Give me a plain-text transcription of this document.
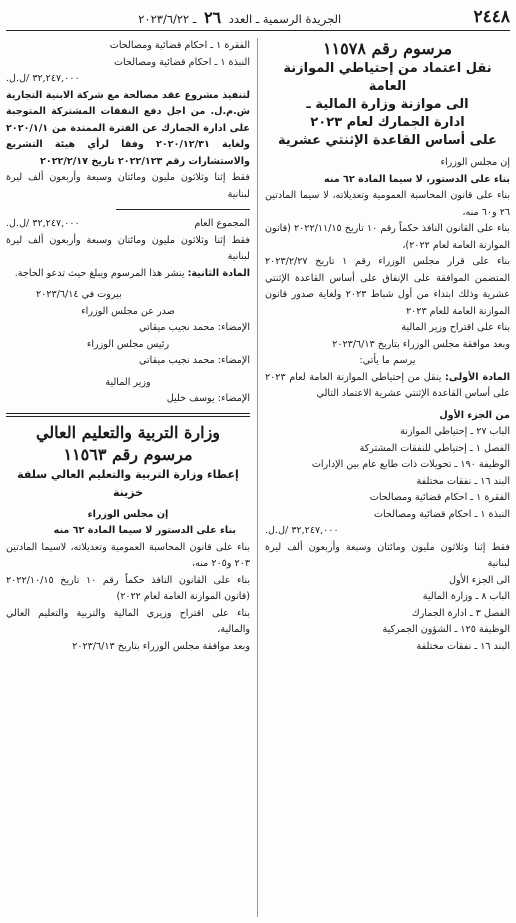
٢٤٤٨
الجريدة الرسمية ـ العدد ٢٦ ـ ٢٠٢٣/٦/٢٢

مرسوم رقم ١١٥٧٨

نقل اعتماد من إحتياطي الموازنة العامة

الى موازنة وزارة المالية ـ

ادارة الجمارك لعام ٢٠٢٣

على أساس القاعدة الإثنتي عشرية

إن مجلس الوزراء

بناء على الدستور، لا سيما المادة ٦٢ منه

بناء على قانون المحاسبة العمومية وتعديلاته، لا سيما المادتين ٢٦ و٦٠ منه،

بناء على القانون النافذ حكماً رقم ١٠ تاريخ ٢٠٢٢/١١/١٥ (قانون الموازنة العامة لعام ٢٠٢٢)،

بناء على قرار مجلس الوزراء رقم ١ تاريخ ٢٠٢٣/٢/٢٧ المتضمن الموافقة على الإنفاق على أساس القاعدة الإثنتي عشرية وذلك ابتداء من أول شباط ٢٠٢٣ ولغاية صدور قانون الموازنة العامة للعام ٢٠٢٣

بناء على اقتراح وزير المالية

وبعد موافقة مجلس الوزراء بتاريخ ٢٠٢٣/٦/١٣

يرسم ما يأتي:

المادة الأولى: ينقل من إحتياطي الموازنة العامة لعام ٢٠٢٣ على أساس القاعدة الإثنتي عشرية الاعتماد التالي

من الجزء الأول

الباب ٢٧ ـ إحتياطي الموازنة

الفصل ١ ـ إحتياطي للنفقات المشتركة

الوظيفة ١٩٠ ـ تحويلات ذات طابع عام بين الإدارات

البند ١٦ ـ نفقات مختلفة

الفقرة ١ ـ احكام قضائية ومصالحات

النبذة ١ ـ احكام قضائية ومصالحات

٣٢,٢٤٧,٠٠٠ /ل.ل.

فقط إثنا وثلاثون مليون ومائتان وسبعة وأربعون ألف ليرة لبنانية

الى الجزء الأول

الباب ٨ ـ وزارة المالية

الفصل ٣ ـ ادارة الجمارك

الوظيفة ١٢٥ ـ الشؤون الجمركية

البند ١٦ ـ نفقات مختلفة

الفقرة ١ ـ احكام قضائية ومصالحات

النبذة ١ ـ احكام قضائية ومصالحات

٣٢,٢٤٧,٠٠٠ /ل.ل.

لتنفيذ مشروع عقد مصالحة مع شركة الابنية التجارية ش.م.ل. من اجل دفع النفقات المشتركة المتوجبة على ادارة الجمارك عن الفترة الممتدة من ٢٠٢٠/١/١ ولغاية ٢٠٢٠/١٢/٣١ وفقا لرأي هيئة التشريع والاستشارات رقم ٢٠٢٢/١٢٣ تاريخ ٢٠٢٢/٢/١٧

فقط إثنا وثلاثون مليون ومائتان وسبعة وأربعون ألف ليرة لبنانية

المجموع العام
٣٢,٢٤٧,٠٠٠ /ل.ل.

فقط إثنا وثلاثون مليون ومائتان وسبعة وأربعون ألف ليرة لبنانية

المادة الثانية: ينشر هذا المرسوم ويبلغ حيث تدعو الحاجة.

بيروت في ٢٠٢٣/٦/١٤

صدر عن مجلس الوزراء

الإمضاء: محمد نجيب ميقاتي

رئيس مجلس الوزراء

الإمضاء: محمد نجيب ميقاتي

وزير المالية

الإمضاء: يوسف خليل

وزارة التربية والتعليم العالي

مرسوم رقم ١١٥٦٣

إعطاء وزارة التربية والتعليم العالي سلفة خزينة

إن مجلس الوزراء

بناء على الدستور لا سيما المادة ٦٢ منه

بناء على قانون المحاسبة العمومية وتعديلاته، لاسيما المادتين ٢٠٣ و٢٠٥ منه،

بناء على القانون النافذ حكماً رقم ١٠ تاريخ ٢٠٢٢/١٠/١٥ (قانون الموازنة العامة لعام ٢٠٢٢)

بناء على اقتراح وزيري المالية والتربية والتعليم العالي والمالية،

وبعد موافقة مجلس الوزراء بتاريخ ٢٠٢٣/٦/١٣
